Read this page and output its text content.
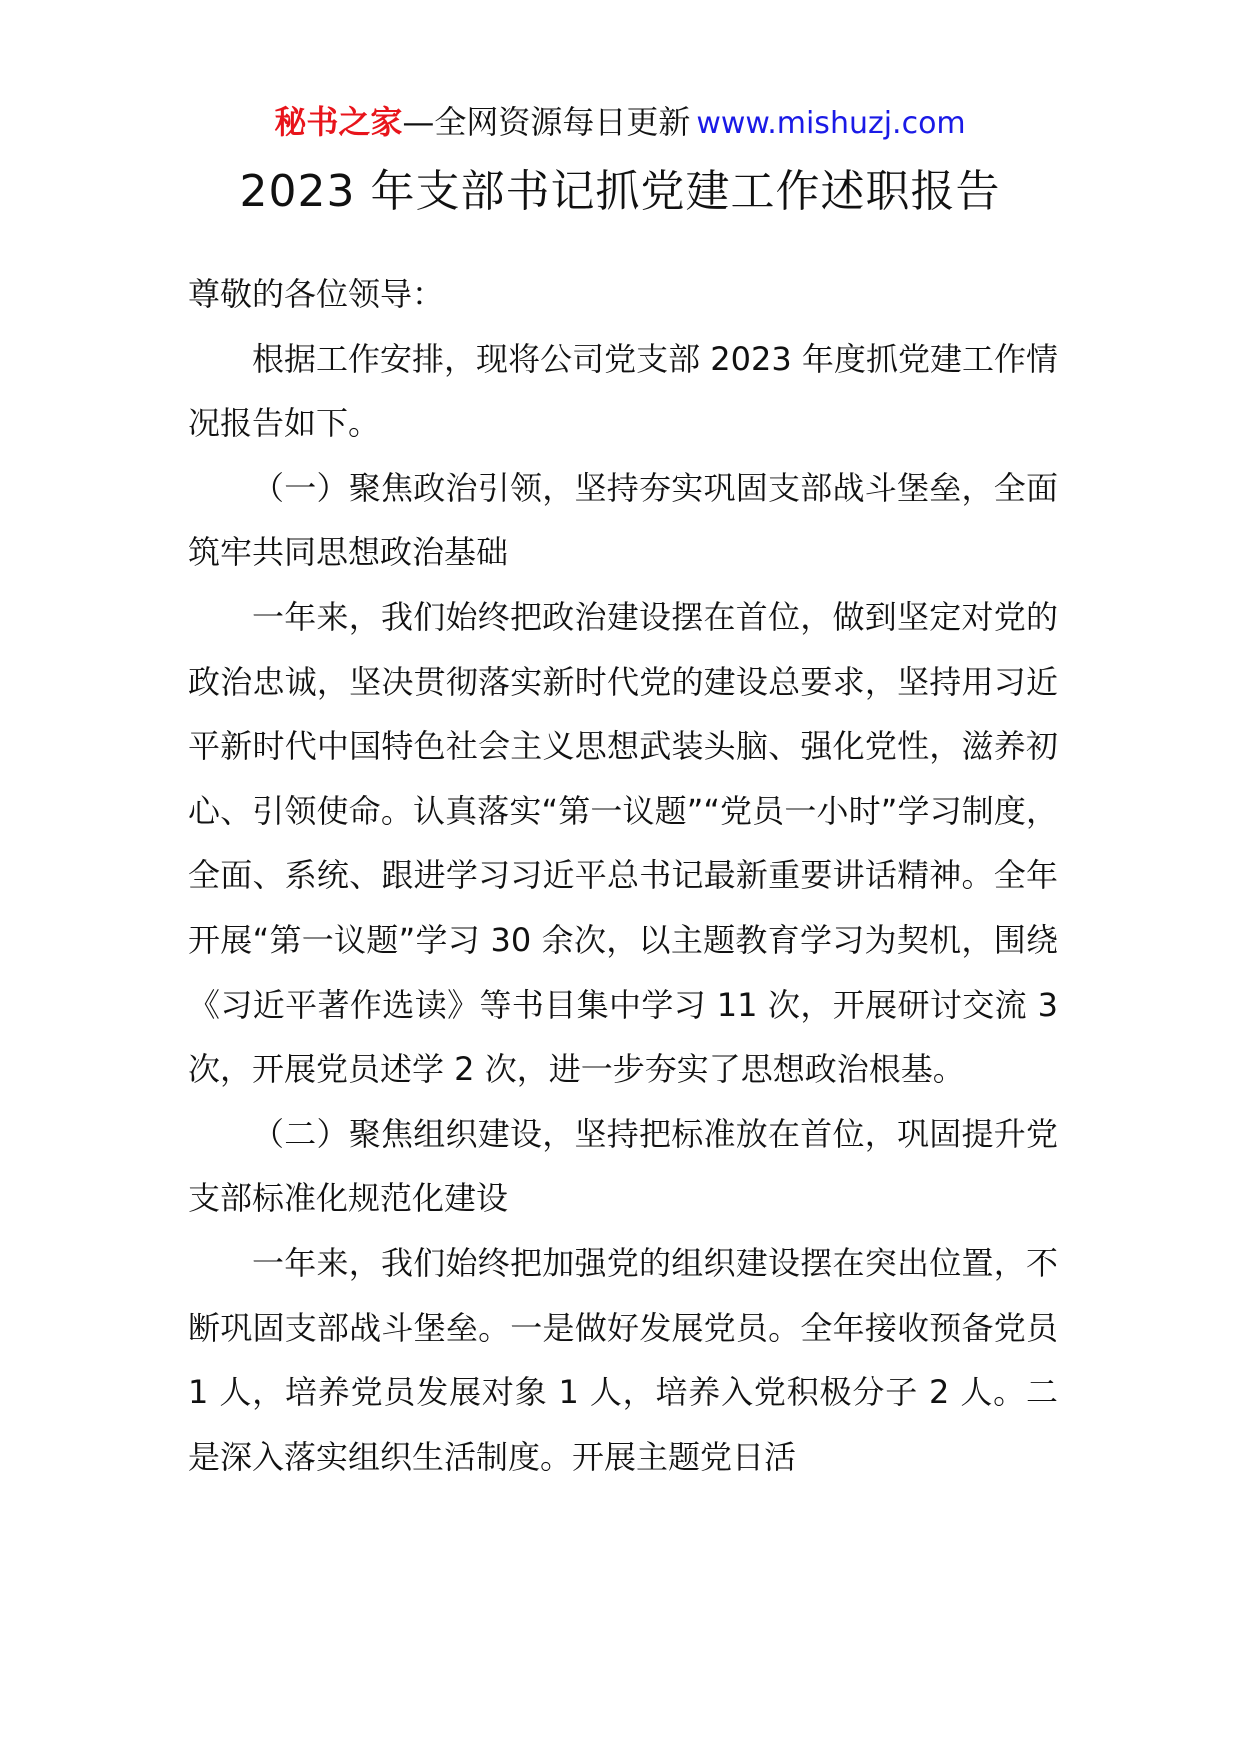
秘书之家—全网资源每日更新 www.mishuzj.com
2023 年支部书记抓党建工作述职报告

尊敬的各位领导：

根据工作安排，现将公司党支部 2023 年度抓党建工作情况报告如下。

（一）聚焦政治引领，坚持夯实巩固支部战斗堡垒，全面筑牢共同思想政治基础

一年来，我们始终把政治建设摆在首位，做到坚定对党的政治忠诚，坚决贯彻落实新时代党的建设总要求，坚持用习近平新时代中国特色社会主义思想武装头脑、强化党性，滋养初心、引领使命。认真落实“第一议题”“党员一小时”学习制度，全面、系统、跟进学习习近平总书记最新重要讲话精神。全年开展“第一议题”学习 30 余次，以主题教育学习为契机，围绕《习近平著作选读》等书目集中学习 11 次，开展研讨交流 3 次，开展党员述学 2 次，进一步夯实了思想政治根基。

（二）聚焦组织建设，坚持把标准放在首位，巩固提升党支部标准化规范化建设

一年来，我们始终把加强党的组织建设摆在突出位置，不断巩固支部战斗堡垒。一是做好发展党员。全年接收预备党员 1 人，培养党员发展对象 1 人，培养入党积极分子 2 人。二是深入落实组织生活制度。开展主题党日活
